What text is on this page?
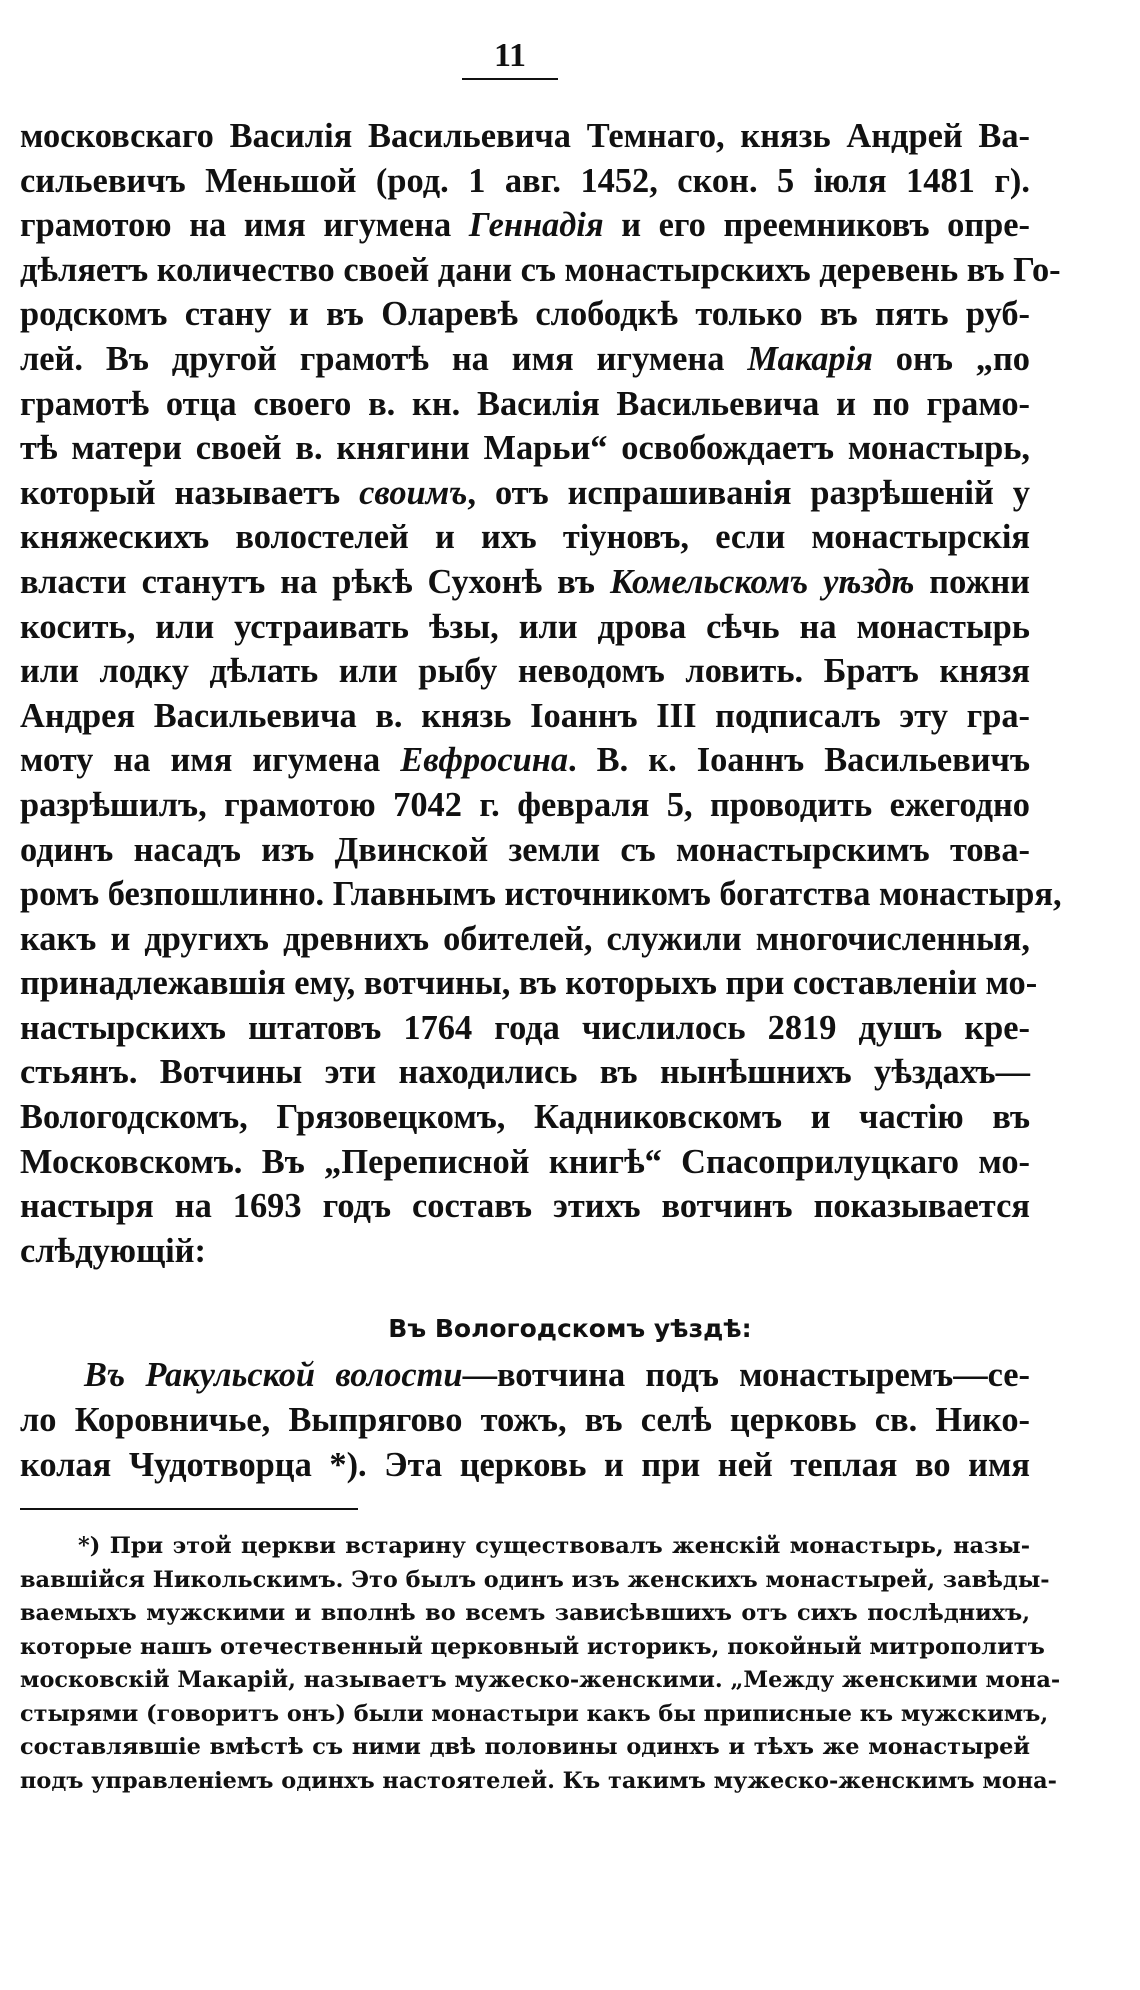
11
московскаго Василія Васильевича Темнаго, князь Андрей Ва-
сильевичъ Меньшой (род. 1 авг. 1452, скон. 5 іюля 1481 г).
грамотою на имя игумена Геннадія и его преемниковъ опре-
дѣляетъ количество своей дани съ монастырскихъ деревень въ Го-
родскомъ стану и въ Оларевѣ слободкѣ только въ пять руб-
лей. Въ другой грамотѣ на имя игумена Макарія онъ „по
грамотѣ отца своего в. кн. Василія Васильевича и по грамо-
тѣ матери своей в. княгини Марьи“ освобождаетъ монастырь,
который называетъ своимъ, отъ испрашиванія разрѣшеній у
княжескихъ волостелей и ихъ тіуновъ, если монастырскія
власти станутъ на рѣкѣ Сухонѣ въ Комельскомъ уѣздѣ пожни
косить, или устраивать ѣзы, или дрова сѣчь на монастырь
или лодку дѣлать или рыбу неводомъ ловить. Братъ князя
Андрея Васильевича в. князь Іоаннъ III подписалъ эту гра-
моту на имя игумена Евфросина. В. к. Іоаннъ Васильевичъ
разрѣшилъ, грамотою 7042 г. февраля 5, проводить ежегодно
одинъ насадъ изъ Двинской земли съ монастырскимъ това-
ромъ безпошлинно. Главнымъ источникомъ богатства монастыря,
какъ и другихъ древнихъ обителей, служили многочисленныя,
принадлежавшія ему, вотчины, въ которыхъ при составленіи мо-
настырскихъ штатовъ 1764 года числилось 2819 душъ кре-
стьянъ. Вотчины эти находились въ нынѣшнихъ уѣздахъ—
Вологодскомъ, Грязовецкомъ, Кадниковскомъ и частію въ
Московскомъ. Въ „Переписной книгѣ“ Спасоприлуцкаго мо-
настыря на 1693 годъ составъ этихъ вотчинъ показывается
слѣдующій:
Въ Вологодскомъ уѣздѣ:
Въ Ракульской волости—вотчина подъ монастыремъ—се-
ло Коровничье, Выпрягово тожъ, въ селѣ церковь св. Нико-
колая Чудотворца *). Эта церковь и при ней теплая во имя
*) При этой церкви встарину существовалъ женскій монастырь, назы-
вавшійся Никольскимъ. Это былъ одинъ изъ женскихъ монастырей, завѣды-
ваемыхъ мужскими и вполнѣ во всемъ зависѣвшихъ отъ сихъ послѣднихъ,
которые нашъ отечественный церковный историкъ, покойный митрополитъ
московскій Макарій, называетъ мужеско-женскими. „Между женскими мона-
стырями (говоритъ онъ) были монастыри какъ бы приписные къ мужскимъ,
составлявшіе вмѣстѣ съ ними двѣ половины одинхъ и тѣхъ же монастырей
подъ управленіемъ одинхъ настоятелей. Къ такимъ мужеско-женскимъ мона-
